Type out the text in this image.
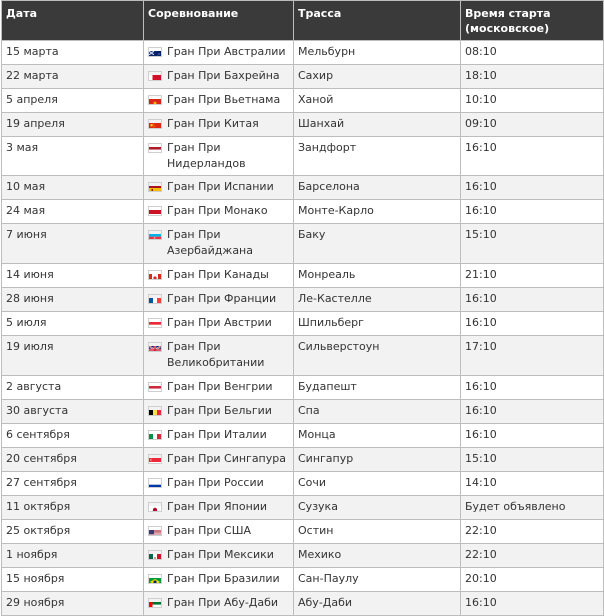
Дата	Соревнование	Трасса	Время старта
(московское)
15 марта	Гран При Австралии	Мельбурн	08:10
22 марта	Гран При Бахрейна	Сахир	18:10
5 апреля	Гран При Вьетнама	Ханой	10:10
19 апреля	Гран При Китая	Шанхай	09:10
3 мая	Гран При Нидерландов	Зандфорт	16:10
10 мая	Гран При Испании	Барселона	16:10
24 мая	Гран При Монако	Монте-Карло	16:10
7 июня	Гран При Азербайджана	Баку	15:10
14 июня	Гран При Канады	Монреаль	21:10
28 июня	Гран При Франции	Ле-Кастелле	16:10
5 июля	Гран При Австрии	Шпильберг	16:10
19 июля	Гран При Великобритании	Сильверстоун	17:10
2 августа	Гран При Венгрии	Будапешт	16:10
30 августа	Гран При Бельгии	Спа	16:10
6 сентября	Гран При Италии	Монца	16:10
20 сентября	Гран При Сингапура	Сингапур	15:10
27 сентября	Гран При России	Сочи	14:10
11 октября	Гран При Японии	Сузука	Будет объявлено
25 октября	Гран При США	Остин	22:10
1 ноября	Гран При Мексики	Мехико	22:10
15 ноября	Гран При Бразилии	Сан-Паулу	20:10
29 ноября	Гран При Абу-Даби	Абу-Даби	16:10
